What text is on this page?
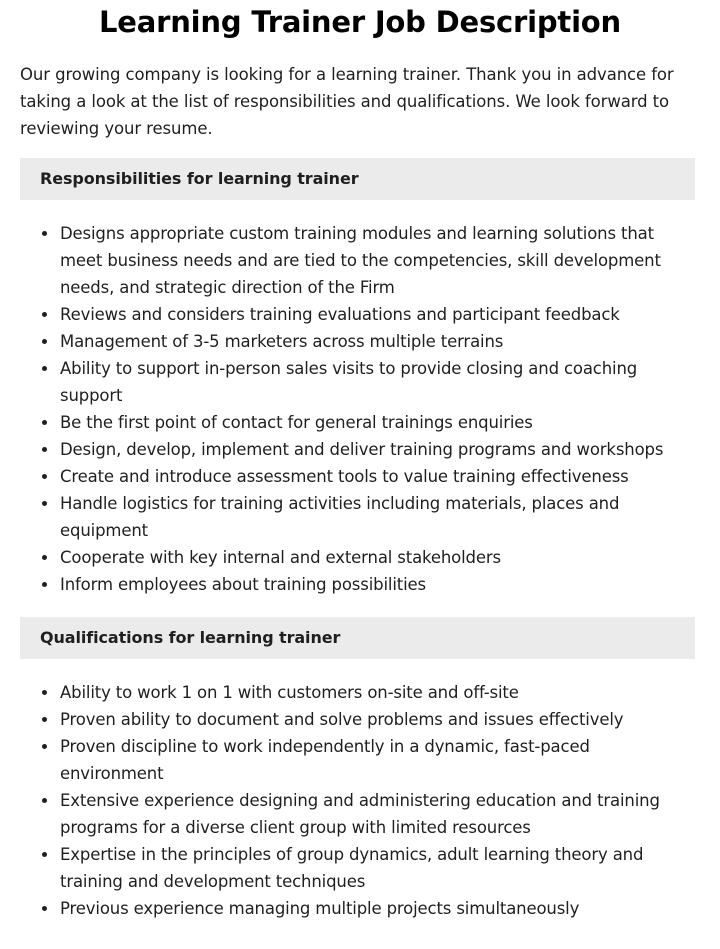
Learning Trainer Job Description

Our growing company is looking for a learning trainer. Thank you in advance for taking a look at the list of responsibilities and qualifications. We look forward to reviewing your resume.

Responsibilities for learning trainer
Designs appropriate custom training modules and learning solutions that meet business needs and are tied to the competencies, skill development needs, and strategic direction of the Firm
Reviews and considers training evaluations and participant feedback
Management of 3-5 marketers across multiple terrains
Ability to support in-person sales visits to provide closing and coaching support
Be the first point of contact for general trainings enquiries
Design, develop, implement and deliver training programs and workshops
Create and introduce assessment tools to value training effectiveness
Handle logistics for training activities including materials, places and equipment
Cooperate with key internal and external stakeholders
Inform employees about training possibilities
Qualifications for learning trainer
Ability to work 1 on 1 with customers on-site and off-site
Proven ability to document and solve problems and issues effectively
Proven discipline to work independently in a dynamic, fast-paced environment
Extensive experience designing and administering education and training programs for a diverse client group with limited resources
Expertise in the principles of group dynamics, adult learning theory and training and development techniques
Previous experience managing multiple projects simultaneously
